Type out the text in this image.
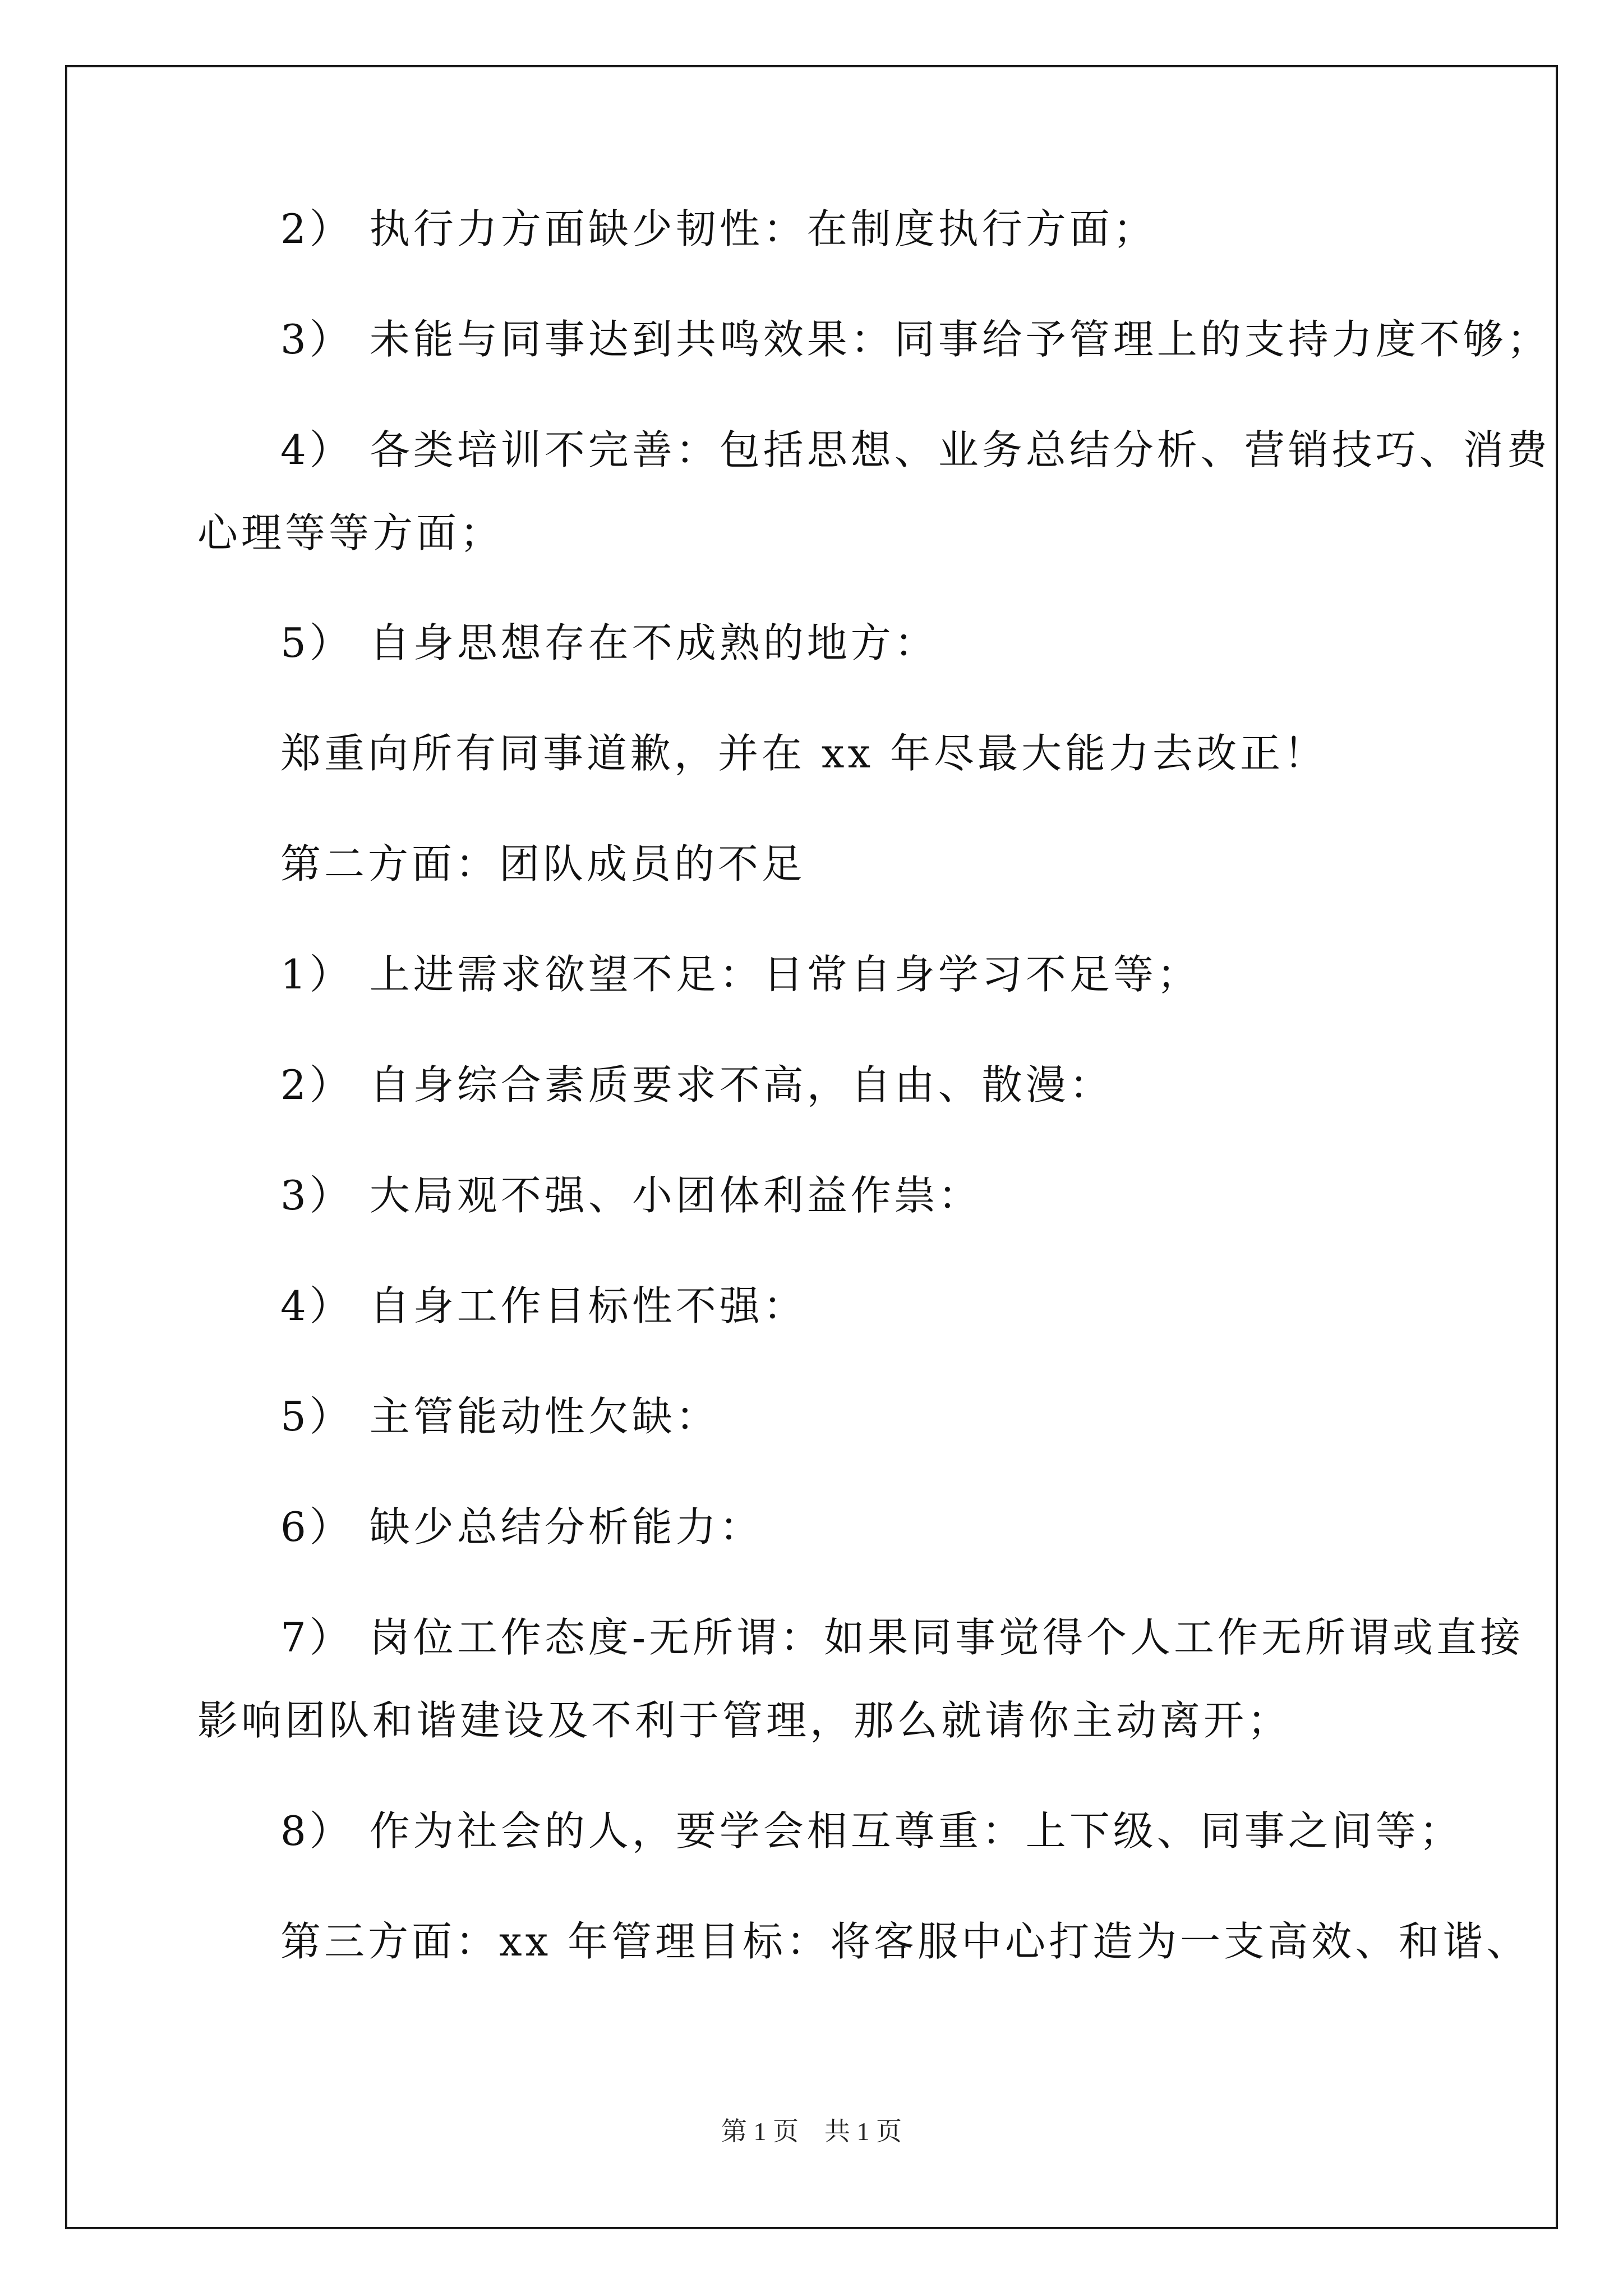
2） 执行力方面缺少韧性：在制度执行方面；
3） 未能与同事达到共鸣效果：同事给予管理上的支持力度不够；
4） 各类培训不完善：包括思想、业务总结分析、营销技巧、消费
心理等等方面；
5） 自身思想存在不成熟的地方：
郑重向所有同事道歉，并在 xx 年尽最大能力去改正！
第二方面：团队成员的不足
1） 上进需求欲望不足：日常自身学习不足等；
2） 自身综合素质要求不高，自由、散漫：
3） 大局观不强、小团体利益作祟：
4） 自身工作目标性不强：
5） 主管能动性欠缺：
6） 缺少总结分析能力：
7） 岗位工作态度-无所谓：如果同事觉得个人工作无所谓或直接
影响团队和谐建设及不利于管理，那么就请你主动离开；
8） 作为社会的人，要学会相互尊重：上下级、同事之间等；
第三方面：xx 年管理目标：将客服中心打造为一支高效、和谐、
第 1 页　共 1 页
